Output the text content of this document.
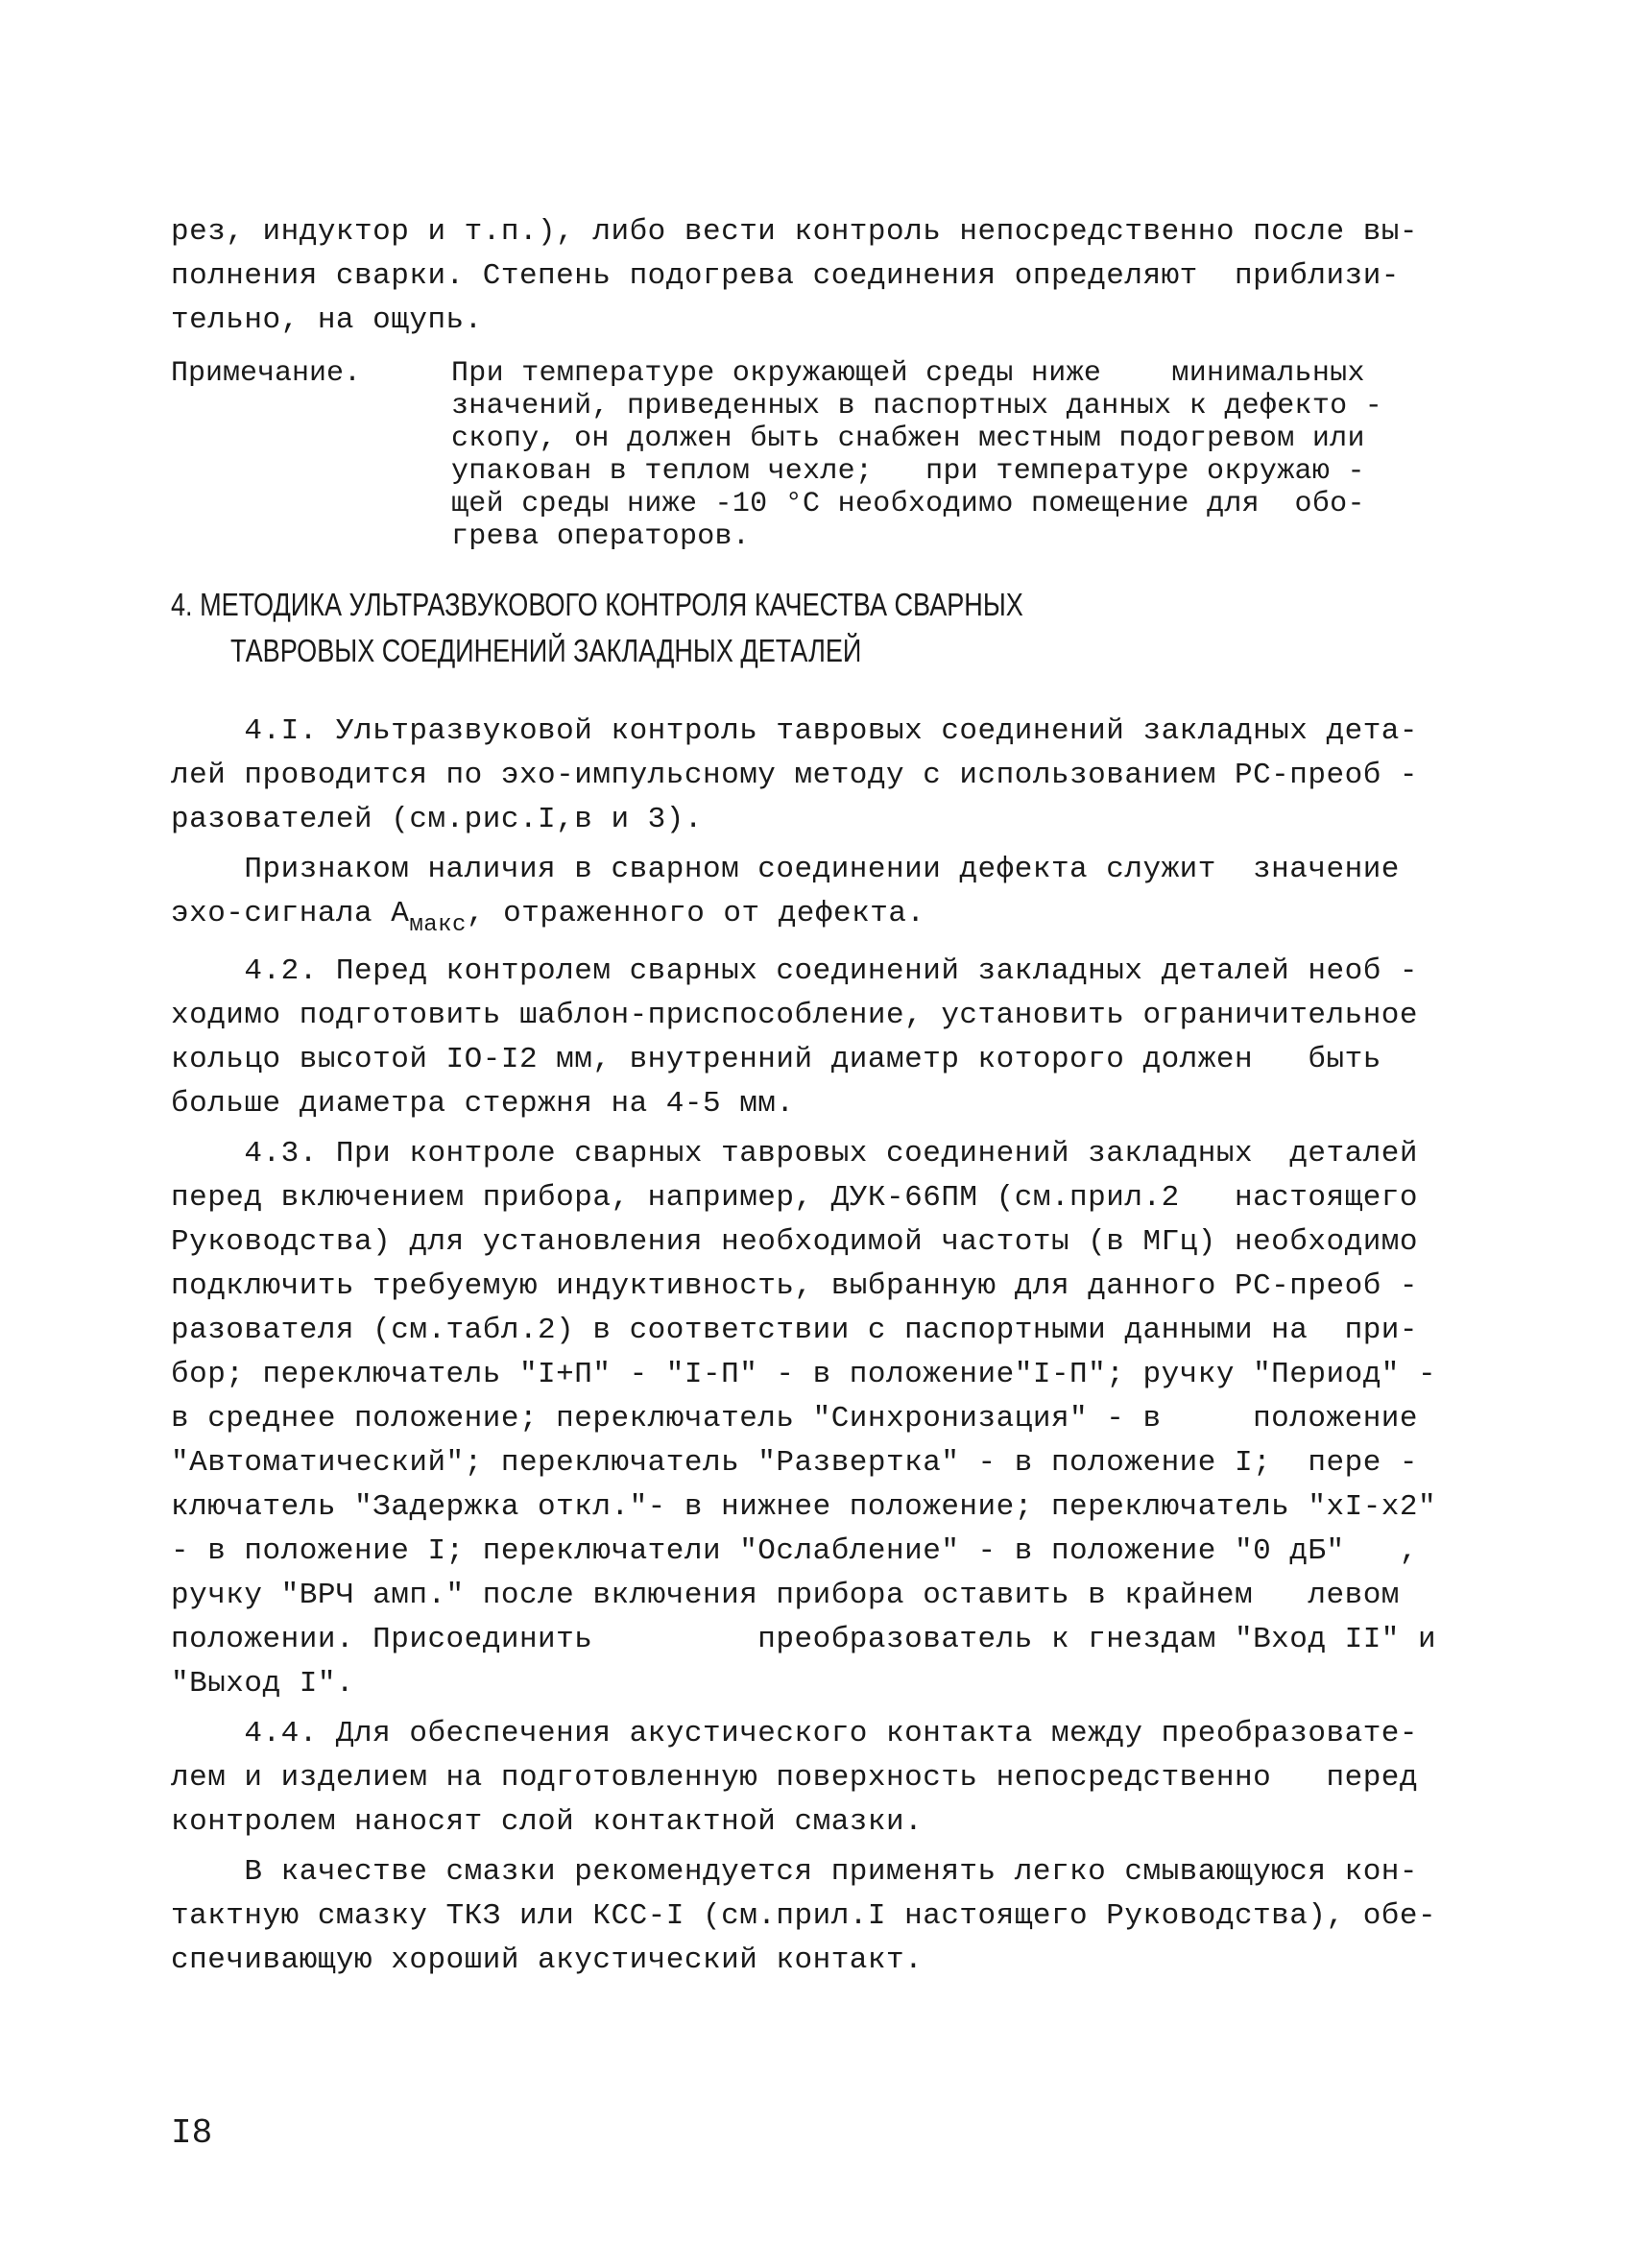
рез, индуктор и т.п.), либо вести контроль непосредственно после вы-
полнения сварки. Степень подогрева соединения определяют  приблизи-
тельно, на ощупь.
Примечание.	При температуре окружающей среды ниже    минимальных
значений, приведенных в паспортных данных к дефекто -
скопу, он должен быть снабжен местным подогревом или
упакован в теплом чехле;   при температуре окружаю -
щей среды ниже -10 °С необходимо помещение для  обо-
грева операторов.
4. МЕТОДИКА УЛЬТРАЗВУКОВОГО КОНТРОЛЯ КАЧЕСТВА СВАРНЫХ
ТАВРОВЫХ СОЕДИНЕНИЙ ЗАКЛАДНЫХ ДЕТАЛЕЙ
4.I. Ультразвуковой контроль тавровых соединений закладных дета-
лей проводится по эхо-импульсному методу с использованием РС-преоб -
разователей (см.рис.I,в и 3).
Признаком наличия в сварном соединении дефекта служит  значение
эхо-сигнала $A_{макс}$, отраженного от дефекта.
4.2. Перед контролем сварных соединений закладных деталей необ -
ходимо подготовить шаблон-приспособление, установить ограничительное
кольцо высотой IO-I2 мм, внутренний диаметр которого должен   быть
больше диаметра стержня на 4-5 мм.
4.3. При контроле сварных тавровых соединений закладных  деталей
перед включением прибора, например, ДУК-66ПМ (см.прил.2   настоящего
Руководства) для установления необходимой частоты (в МГц) необходимо
подключить требуемую индуктивность, выбранную для данного РС-преоб -
разователя (см.табл.2) в соответствии с паспортными данными на  при-
бор; переключатель "I+П" - "I-П" - в положение"I-П"; ручку "Период" -
в среднее положение; переключатель "Синхронизация" - в     положение
"Автоматический"; переключатель "Развертка" - в положение I;  пере -
ключатель "Задержка откл."- в нижнее положение; переключатель "xI-x2"
- в положение I; переключатели "Ослабление" - в положение "0 дБ"   ,
ручку "ВРЧ амп." после включения прибора оставить в крайнем   левом
положении. Присоединить         преобразователь к гнездам "Вход II" и
"Выход I".
4.4. Для обеспечения акустического контакта между преобразовате-
лем и изделием на подготовленную поверхность непосредственно   перед
контролем наносят слой контактной смазки.
В качестве смазки рекомендуется применять легко смывающуюся кон-
тактную смазку ТКЗ или КСС-I (см.прил.I настоящего Руководства), обе-
спечивающую хороший акустический контакт.
I8
